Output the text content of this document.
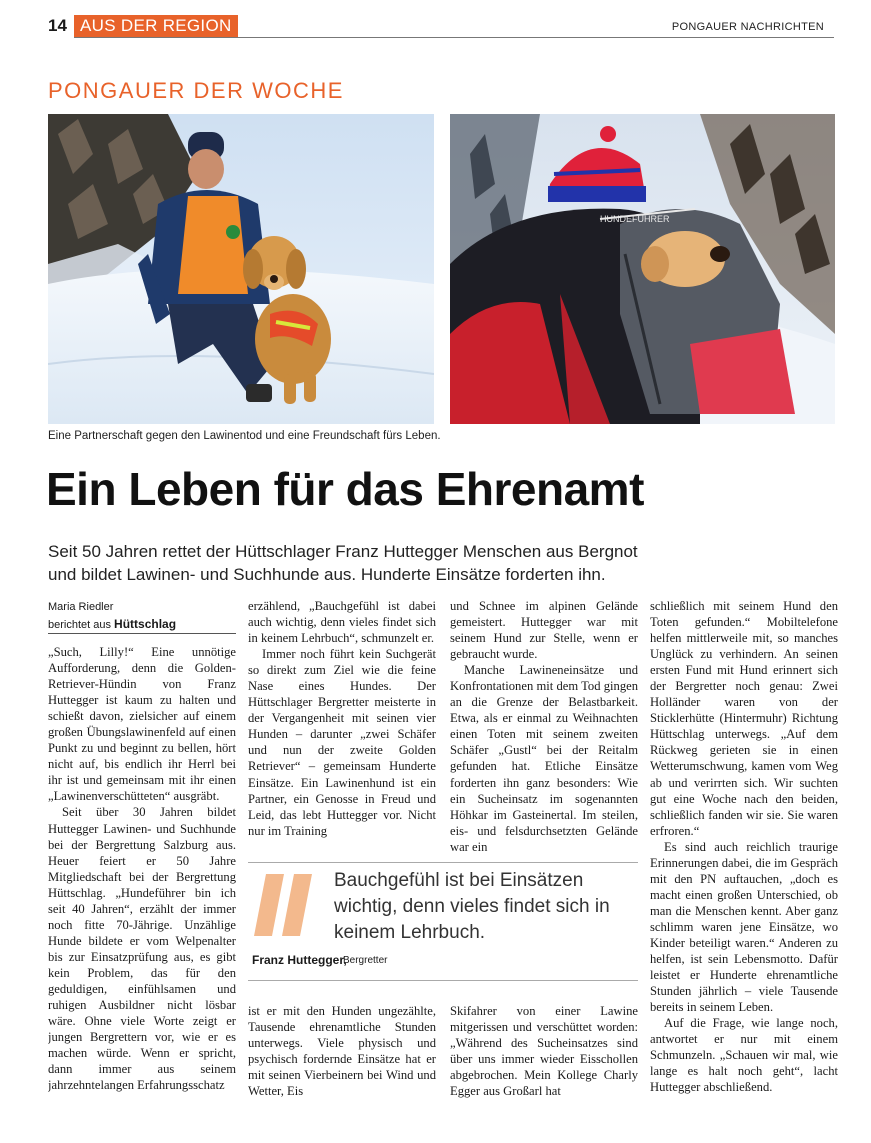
14 AUS DER REGION	PONGAUER NACHRICHTEN
PONGAUER DER WOCHE
HUNDEFÜHRER
Eine Partnerschaft gegen den Lawinentod und eine Freundschaft fürs Leben.
Ein Leben für das Ehrenamt
Seit 50 Jahren rettet der Hüttschlager Franz Huttegger Menschen aus Bergnot und bildet Lawinen- und Suchhunde aus. Hunderte Einsätze forderten ihn.
Maria Riedler
berichtet aus Hüttschlag

„Such, Lilly!“ Eine unnötige Aufforderung, denn die Golden-Retriever-Hündin von Franz Huttegger ist kaum zu halten und schießt davon, zielsicher auf einem großen Übungslawinenfeld auf einen Punkt zu und beginnt zu bellen, hört nicht auf, bis endlich ihr Herrl bei ihr ist und gemeinsam mit ihr einen „Lawinenverschütteten“ ausgräbt.

Seit über 30 Jahren bildet Huttegger Lawinen- und Suchhunde bei der Bergrettung Salzburg aus. Heuer feiert er 50 Jahre Mitgliedschaft bei der Bergrettung Hüttschlag. „Hundeführer bin ich seit 40 Jahren“, erzählt der immer noch fitte 70-Jährige. Unzählige Hunde bildete er vom Welpenalter bis zur Einsatzprüfung aus, es gibt kein Problem, das für den geduldigen, einfühlsamen und ruhigen Ausbildner nicht lösbar wäre. Ohne viele Worte zeigt er jungen Bergrettern vor, wie er es machen würde. Wenn er spricht, dann immer aus seinem jahrzehntelangen Erfahrungsschatz

erzählend, „Bauchgefühl ist dabei auch wichtig, denn vieles findet sich in keinem Lehrbuch“, schmunzelt er.

Immer noch führt kein Suchgerät so direkt zum Ziel wie die feine Nase eines Hundes. Der Hüttschlager Bergretter meisterte in der Vergangenheit mit seinen vier Hunden – darunter „zwei Schäfer und nun der zweite Golden Retriever“ – gemeinsam Hunderte Einsätze. Ein Lawinenhund ist ein Partner, ein Genosse in Freud und Leid, das lebt Huttegger vor. Nicht nur im Training

und Schnee im alpinen Gelände gemeistert. Huttegger war mit seinem Hund zur Stelle, wenn er gebraucht wurde.

Manche Lawineneinsätze und Konfrontationen mit dem Tod gingen an die Grenze der Belastbarkeit. Etwa, als er einmal zu Weihnachten einen Toten mit seinem zweiten Schäfer „Gustl“ bei der Reitalm gefunden hat. Etliche Einsätze forderten ihn ganz besonders: Wie ein Sucheinsatz im sogenannten Höhkar im Gasteinertal. Im steilen, eis- und felsdurchsetzten Gelände war ein

Bauchgefühl ist bei Einsätzen wichtig, denn vieles findet sich in keinem Lehrbuch.
Franz Huttegger,
Bergretter

ist er mit den Hunden ungezählte, Tausende ehrenamtliche Stunden unterwegs. Viele physisch und psychisch fordernde Einsätze hat er mit seinen Vierbeinern bei Wind und Wetter, Eis

Skifahrer von einer Lawine mitgerissen und verschüttet worden: „Während des Sucheinsatzes sind über uns immer wieder Eisschollen abgebrochen. Mein Kollege Charly Egger aus Großarl hat

schließlich mit seinem Hund den Toten gefunden.“ Mobiltelefone helfen mittlerweile mit, so manches Unglück zu verhindern. An seinen ersten Fund mit Hund erinnert sich der Bergretter noch genau: Zwei Holländer waren von der Sticklerhütte (Hintermuhr) Richtung Hüttschlag unterwegs. „Auf dem Rückweg gerieten sie in einen Wetterumschwung, kamen vom Weg ab und verirrten sich. Wir suchten gut eine Woche nach den beiden, schließlich fanden wir sie. Sie waren erfroren.“

Es sind auch reichlich traurige Erinnerungen dabei, die im Gespräch mit den PN auftauchen, „doch es macht einen großen Unterschied, ob man die Menschen kennt. Aber ganz schlimm waren jene Einsätze, wo Kinder beteiligt waren.“ Anderen zu helfen, ist sein Lebensmotto. Dafür leistet er Hunderte ehrenamtliche Stunden jährlich – viele Tausende bereits in seinem Leben.

Auf die Frage, wie lange noch, antwortet er nur mit einem Schmunzeln. „Schauen wir mal, wie lange es halt noch geht“, lacht Huttegger abschließend.
